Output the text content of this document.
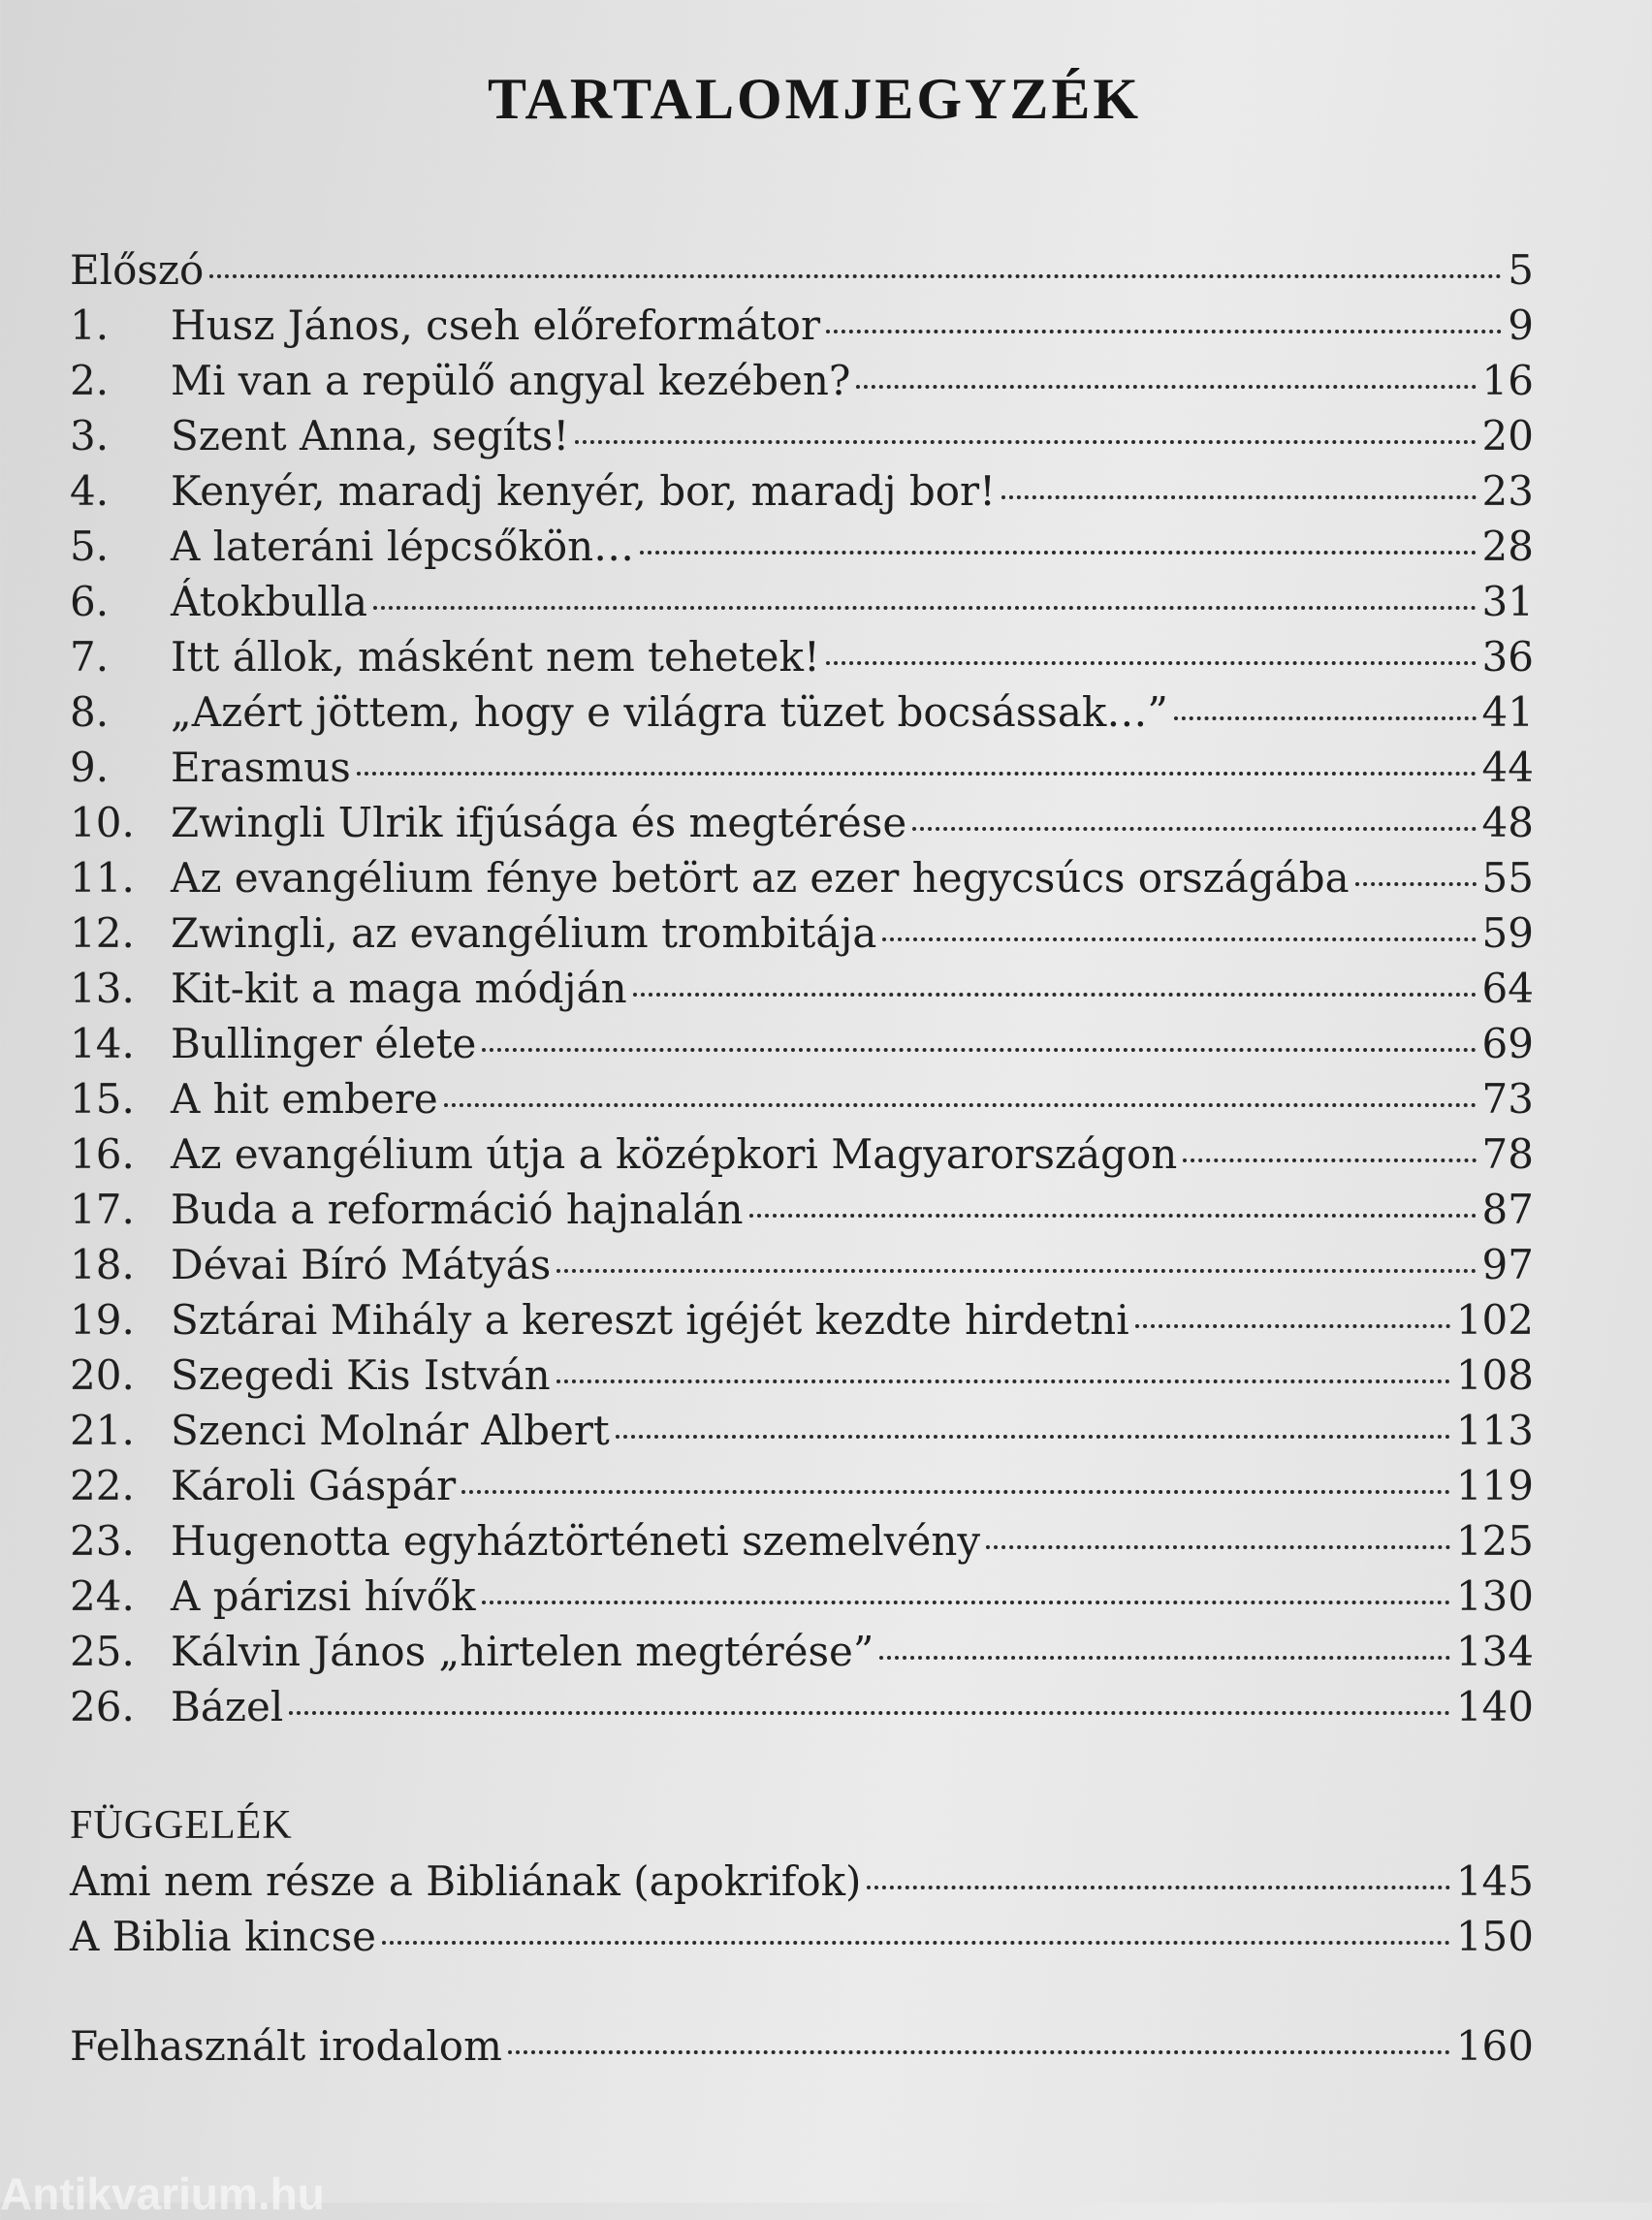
TARTALOMJEGYZÉK
Előszó	5
1.	Husz János, cseh előreformátor	9
2.	Mi van a repülő angyal kezében?	16
3.	Szent Anna, segíts!	20
4.	Kenyér, maradj kenyér, bor, maradj bor!	23
5.	A lateráni lépcsőkön…	28
6.	Átokbulla	31
7.	Itt állok, másként nem tehetek!	36
8.	„Azért jöttem, hogy e világra tüzet bocsássak…”	41
9.	Erasmus	44
10. Zwingli Ulrik ifjúsága és megtérése	48
11. Az evangélium fénye betört az ezer hegycsúcs országába	55
12. Zwingli, az evangélium trombitája	59
13. Kit-kit a maga módján	64
14. Bullinger élete	69
15. A hit embere	73
16. Az evangélium útja a középkori Magyarországon	78
17. Buda a reformáció hajnalán	87
18. Dévai Bíró Mátyás	97
19. Sztárai Mihály a kereszt igéjét kezdte hirdetni	102
20. Szegedi Kis István	108
21. Szenci Molnár Albert	113
22. Károli Gáspár	119
23. Hugenotta egyháztörténeti szemelvény	125
24. A párizsi hívők	130
25. Kálvin János „hirtelen megtérése”	134
26. Bázel	140
FÜGGELÉK
Ami nem része a Bibliának (apokrifok)	145
A Biblia kincse	150
Felhasznált irodalom	160
Antikvarium.hu
